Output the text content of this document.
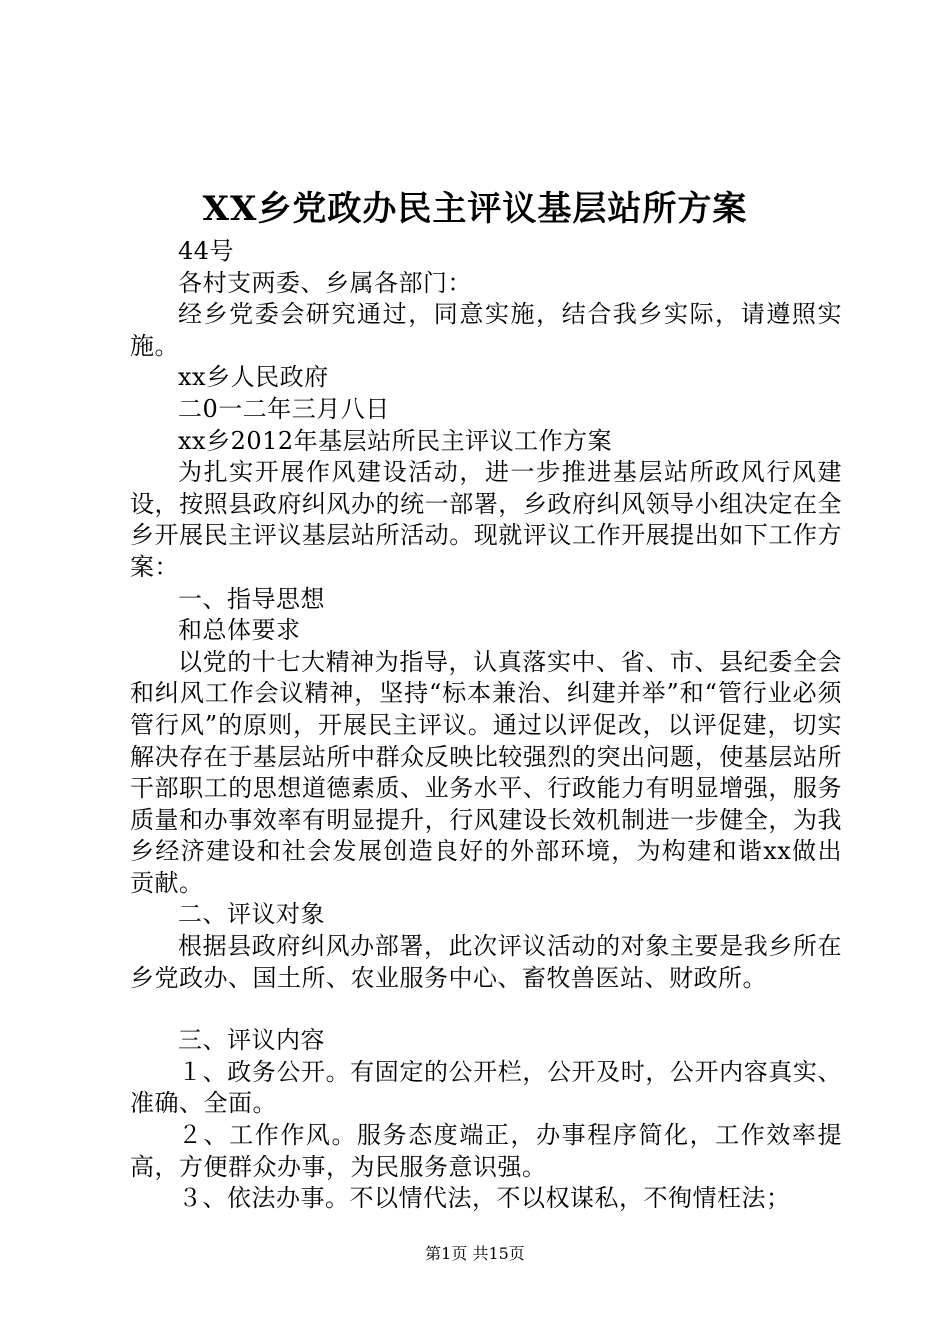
XX乡党政办民主评议基层站所方案

44号

各村支两委、乡属各部门：

经乡党委会研究通过，同意实施，结合我乡实际，请遵照实施。

xx乡人民政府

二0一二年三月八日

xx乡2012年基层站所民主评议工作方案

为扎实开展作风建设活动，进一步推进基层站所政风行风建设，按照县政府纠风办的统一部署，乡政府纠风领导小组决定在全乡开展民主评议基层站所活动。现就评议工作开展提出如下工作方案：

一、指导思想

和总体要求

以党的十七大精神为指导，认真落实中、省、市、县纪委全会和纠风工作会议精神，坚持“标本兼治、纠建并举”和“管行业必须管行风”的原则，开展民主评议。通过以评促改，以评促建，切实解决存在于基层站所中群众反映比较强烈的突出问题，使基层站所干部职工的思想道德素质、业务水平、行政能力有明显增强，服务质量和办事效率有明显提升，行风建设长效机制进一步健全，为我乡经济建设和社会发展创造良好的外部环境，为构建和谐xx做出贡献。

二、评议对象

根据县政府纠风办部署，此次评议活动的对象主要是我乡所在乡党政办、国土所、农业服务中心、畜牧兽医站、财政所。

三、评议内容

１、政务公开。有固定的公开栏，公开及时，公开内容真实、准确、全面。

２、工作作风。服务态度端正，办事程序简化，工作效率提高，方便群众办事，为民服务意识强。

３、依法办事。不以情代法，不以权谋私，不徇情枉法；

第1页 共15页
